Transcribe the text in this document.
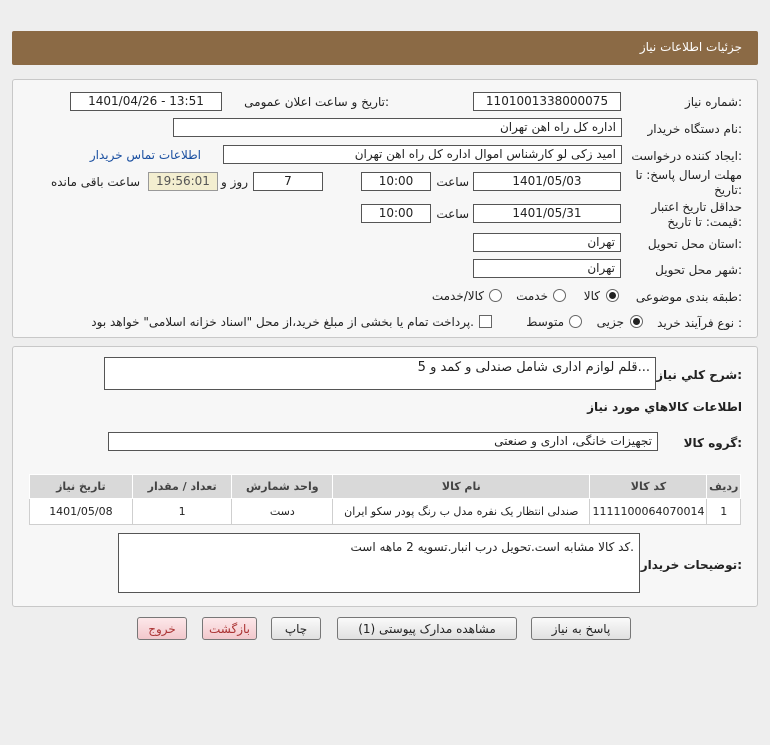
جزئیات اطلاعات نیاز
شماره نیاز:
1101001338000075
تاریخ و ساعت اعلان عمومی:
1401/04/26 - 13:51
نام دستگاه خریدار:
اداره کل راه اهن تهران
ایجاد کننده درخواست:
امید زکی لو کارشناس اموال اداره کل راه اهن تهران
اطلاعات تماس خریدار
مهلت ارسال پاسخ: تا
تاریخ:
1401/05/03
ساعت
10:00
7
روز و
19:56:01
ساعت باقی مانده
حداقل تاریخ اعتبار
قیمت: تا تاریخ:
1401/05/31
ساعت
10:00
استان محل تحویل:
تهران
شهر محل تحویل:
تهران
طبقه بندی موضوعی:
کالا
خدمت
کالا/خدمت
نوع فرآیند خرید :
جزیی
متوسط
پرداخت تمام یا بخشی از مبلغ خرید،از محل "اسناد خزانه اسلامی" خواهد بود.
شرح کلي نياز:
5 قلم لوازم اداری شامل صندلی و کمد و...
اطلاعات کالاهاي مورد نياز
گروه کالا:
تجهیزات خانگی، اداری و صنعتی
ردیف	کد کالا	نام کالا	واحد شمارش	تعداد / مقدار	تاریخ نیاز
1	1111100064070014	صندلی انتظار یک نفره مدل ب رنگ پودر سکو ایران	دست	1	1401/05/08
توضیحات خریدار:
کد کالا مشابه است.تحویل درب انبار.تسویه 2 ماهه است.
پاسخ به نیاز
مشاهده مدارک پیوستی (1)
چاپ
بازگشت
خروج
